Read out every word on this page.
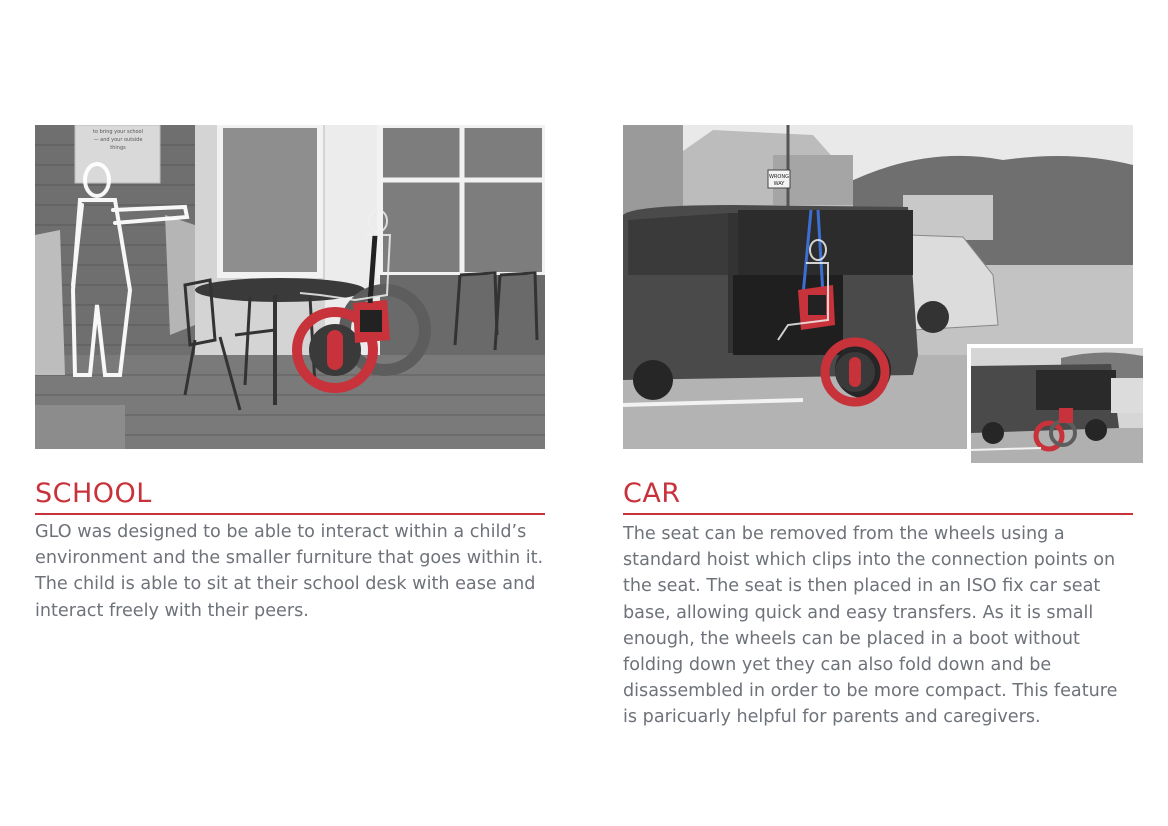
to bring your school
— and your outside
things
SCHOOL

GLO was designed to be able to interact within a child’s environment and the smaller furniture that goes within it. The child is able to sit at their school desk with ease and interact freely with their peers.

WRONG
WAY
CAR

The seat can be removed from the wheels using a standard hoist which clips into the connection points on the seat. The seat is then placed in an ISO fix car seat base, allowing quick and easy transfers. As it is small enough, the wheels can be placed in a boot without folding down yet they can also fold down and be disassembled in order to be more compact. This feature is paricuarly helpful for parents and caregivers.
